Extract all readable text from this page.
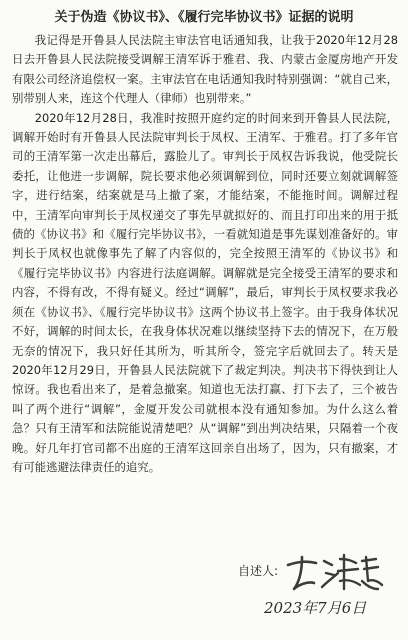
关于伪造《协议书》、《履行完毕协议书》证据的说明

我记得是开鲁县人民法院主审法官电话通知我，让我于2020年12月28日去开鲁县人民法院接受调解王清军诉于雅君、我、内蒙古金厦房地产开发有限公司经济追偿权一案。主审法官在电话通知我时特别强调：“就自己来，别带别人来，连这个代理人（律师）也别带来。”

2020年12月28日，我准时按照开庭约定的时间来到开鲁县人民法院，调解开始时有开鲁县人民法院审判长于凤权、王清军、于雅君。打了多年官司的王清军第一次走出幕后，露脸儿了。审判长于凤权告诉我说，他受院长委托，让他进一步调解，院长要求他必须调解到位，同时还要立刻就调解签字，进行结案，结案就是马上撤了案，才能结案，不能拖时间。调解过程中，王清军向审判长于凤权递交了事先早就拟好的、而且打印出来的用于抵债的《协议书》和《履行完毕协议书》，一看就知道是事先谋划准备好的。审判长于凤权也就像事先了解了内容似的，完全按照王清军的《协议书》和《履行完毕协议书》内容进行法庭调解。调解就是完全接受王清军的要求和内容，不得有改，不得有疑义。经过“调解”，最后，审判长于凤权要求我必须在《协议书》、《履行完毕协议书》这两个协议书上签字。由于我身体状况不好，调解的时间太长，在我身体状况难以继续坚持下去的情况下，在万般无奈的情况下，我只好任其所为，听其所令，签完字后就回去了。转天是2020年12月29日，开鲁县人民法院就下了裁定判决。判决书下得快到让人惊讶。我也看出来了，是着急撤案。知道也无法打赢、打下去了，三个被告叫了两个进行“调解”，金厦开发公司就根本没有通知参加。为什么这么着急？只有王清军和法院能说清楚吧？从“调解”到出判决结果，只隔着一个夜晚。好几年打官司都不出庭的王清军这回亲自出场了，因为，只有撤案，才有可能逃避法律责任的追究。

自述人:
2023年7月6日
